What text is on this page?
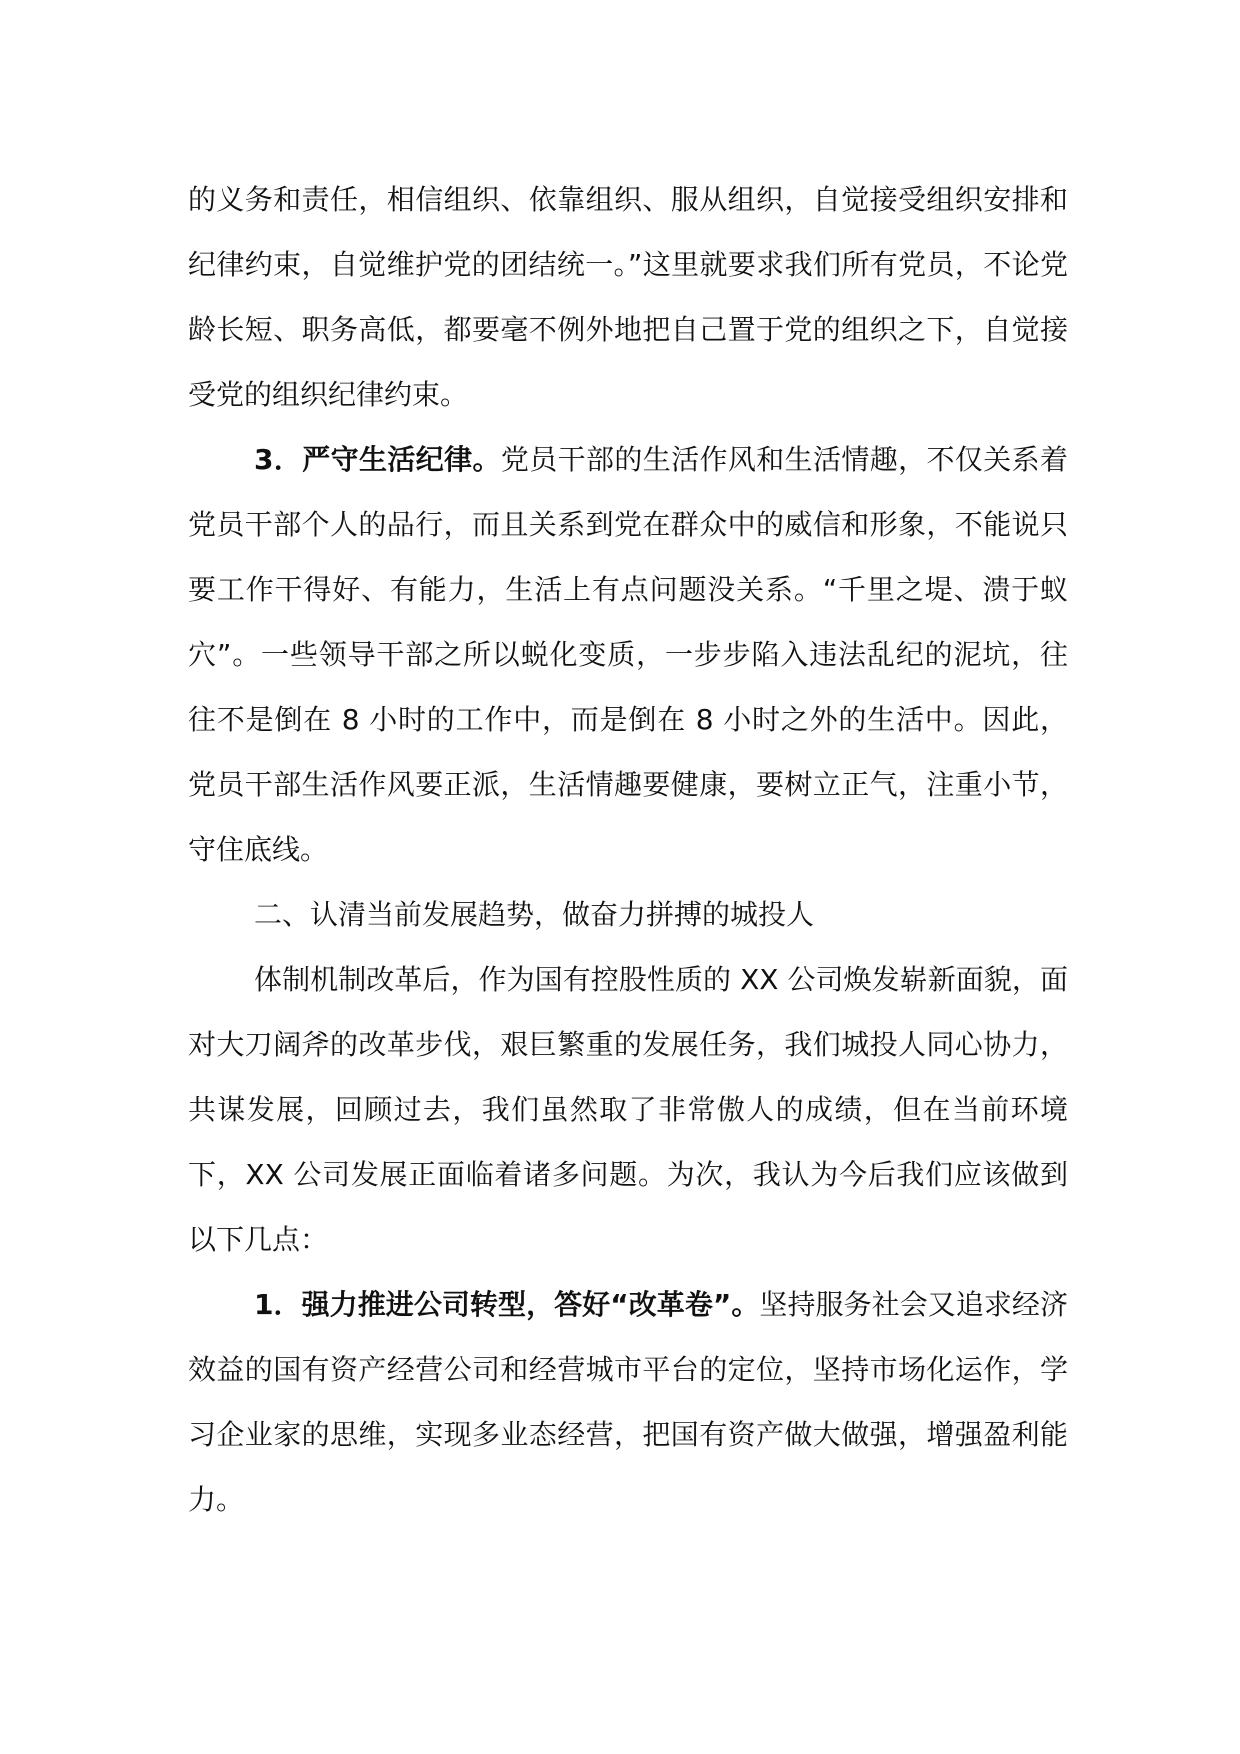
的义务和责任，相信组织、依靠组织、服从组织，自觉接受组织安排和纪律约束，自觉维护党的团结统一。”这里就要求我们所有党员，不论党龄长短、职务高低，都要毫不例外地把自己置于党的组织之下，自觉接受党的组织纪律约束。

3．严守生活纪律。党员干部的生活作风和生活情趣，不仅关系着党员干部个人的品行，而且关系到党在群众中的威信和形象，不能说只要工作干得好、有能力，生活上有点问题没关系。“千里之堤、溃于蚁穴”。一些领导干部之所以蜕化变质，一步步陷入违法乱纪的泥坑，往往不是倒在 8 小时的工作中，而是倒在 8 小时之外的生活中。因此，党员干部生活作风要正派，生活情趣要健康，要树立正气，注重小节，守住底线。

二、认清当前发展趋势，做奋力拼搏的城投人

体制机制改革后，作为国有控股性质的 XX 公司焕发崭新面貌，面对大刀阔斧的改革步伐，艰巨繁重的发展任务，我们城投人同心协力，共谋发展，回顾过去，我们虽然取了非常傲人的成绩，但在当前环境下，XX 公司发展正面临着诸多问题。为次，我认为今后我们应该做到以下几点：

1．强力推进公司转型，答好“改革卷”。坚持服务社会又追求经济效益的国有资产经营公司和经营城市平台的定位，坚持市场化运作，学习企业家的思维，实现多业态经营，把国有资产做大做强，增强盈利能力。
